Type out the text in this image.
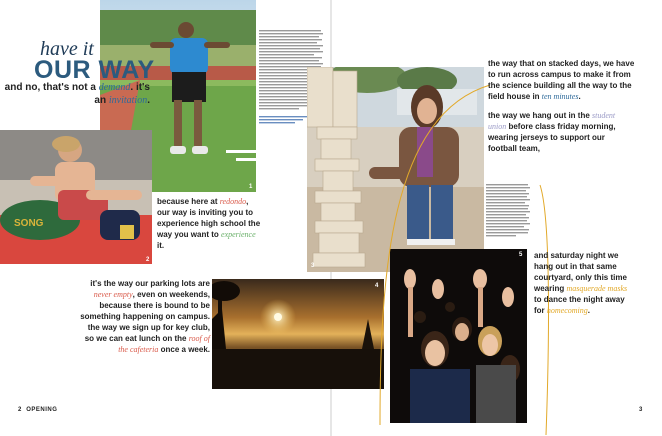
1
SONG
2
have it
OUR WAY
and no, that's not a demand. it's an invitation.
because here at redondo, our way is inviting you to experience high school the way you want to experience it.
it's the way our parking lots are never empty, even on weekends, because there is bound to be something happening on campus. the way we sign up for key club, so we can eat lunch on the roof of the cafeteria once a week.
4
3
5
the way that on stacked days, we have to run across campus to make it from the science building all the way to the field house in ten minutes.
the way we hang out in the student union before class friday morning, wearing jerseys to support our football team,
and saturday night we hang out in that same courtyard, only this time wearing masquerade masks to dance the night away for homecoming.
2 OPENING	3
